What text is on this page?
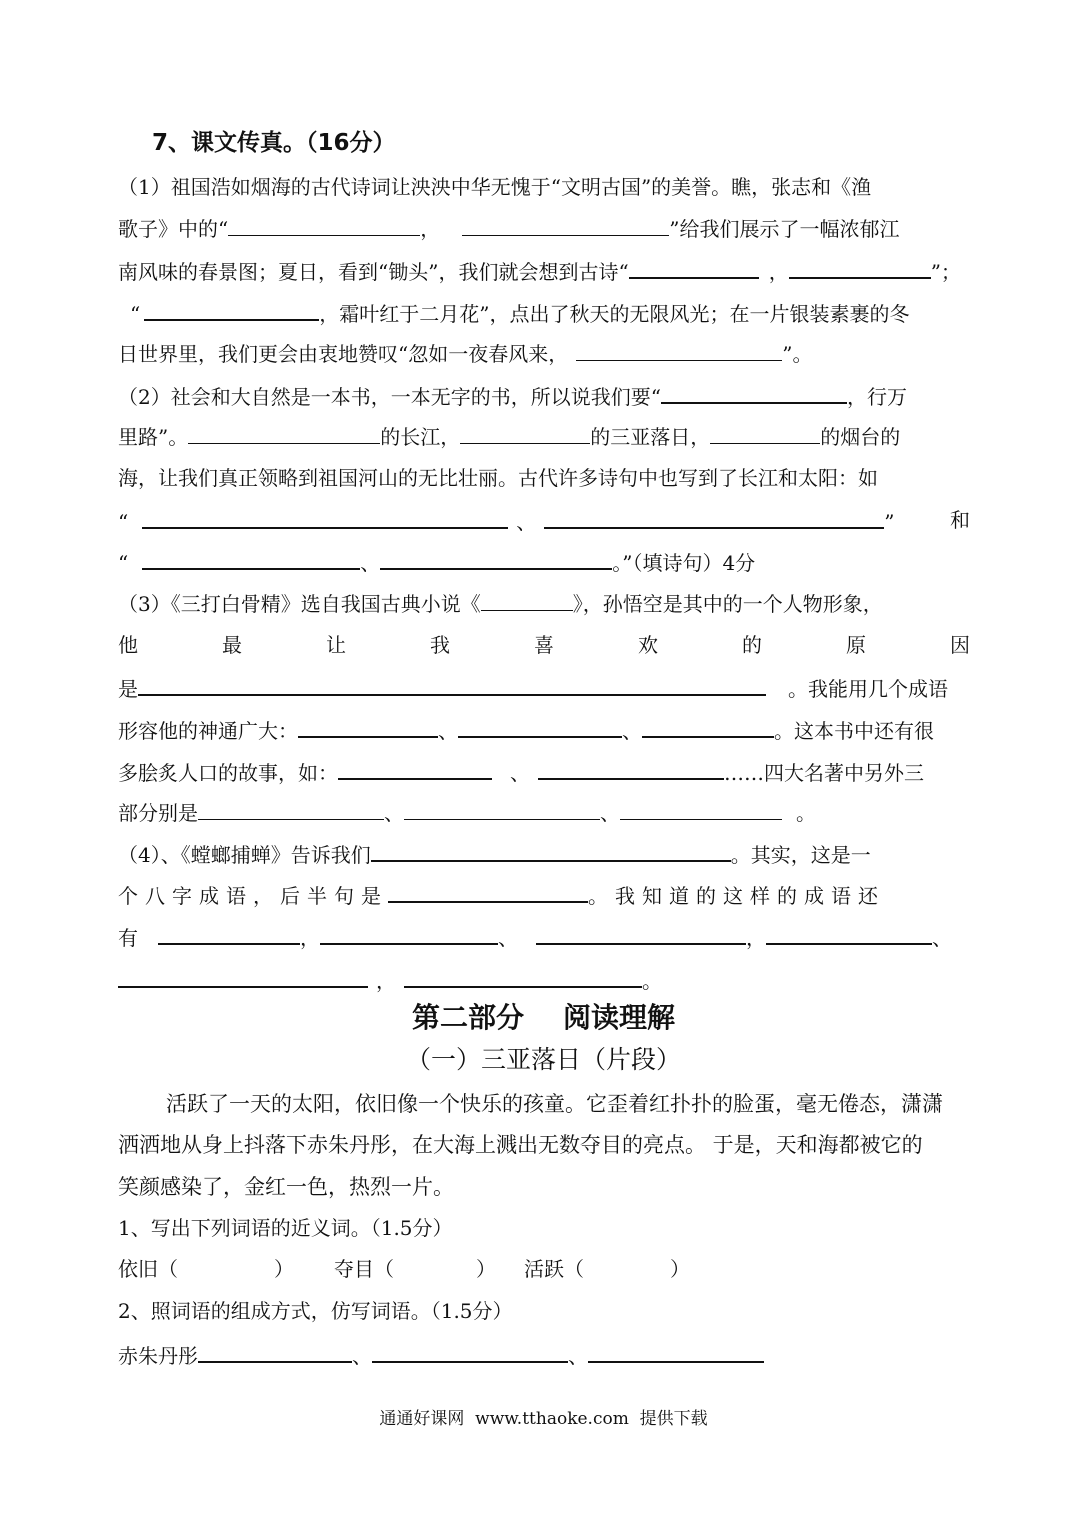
7、课文传真。（16分）
（1）祖国浩如烟海的古代诗词让泱泱中华无愧于“文明古国”的美誉。瞧，张志和《渔
歌子》中的“	，	”给我们展示了一幅浓郁江
南风味的春景图；夏日，看到“锄头”，我们就会想到古诗“	，	”；
“	，霜叶红于二月花”，点出了秋天的无限风光；在一片银装素裹的冬
日世界里，我们更会由衷地赞叹“忽如一夜春风来，	”。
（2）社会和大自然是一本书，一本无字的书，所以说我们要“	，行万
里路”。	的长江，	的三亚落日，	的烟台的
海，让我们真正领略到祖国河山的无比壮丽。古代许多诗句中也写到了长江和太阳：如
“	、	”	和
“	、	。”（填诗句）4分
（3）《三打白骨精》选自我国古典小说《	》，孙悟空是其中的一个人物形象，
他	最	让	我	喜	欢	的	原	因
是	。我能用几个成语
形容他的神通广大：	、	、	。这本书中还有很
多脍炙人口的故事，如：	、	……四大名著中另外三
部分别是	、	、	。
（4）、《螳螂捕蝉》告诉我们	。其实，这是一
个八字成语，后半句是	。我知道的这样的成语还
有	，	、	，	、
，	。
第二部分    阅读理解
（一）三亚落日（片段）
活跃了一天的太阳，依旧像一个快乐的孩童。它歪着红扑扑的脸蛋，毫无倦态，潇潇
洒洒地从身上抖落下赤朱丹彤，在大海上溅出无数夺目的亮点。 于是，天和海都被它的
笑颜感染了，金红一色，热烈一片。
1、写出下列词语的近义词。（1.5分）
依旧（	） 夺目（	） 活跃（	）
2、照词语的组成方式，仿写词语。（1.5分）
赤朱丹彤	、	、
通通好课网  www.tthaoke.com  提供下载
